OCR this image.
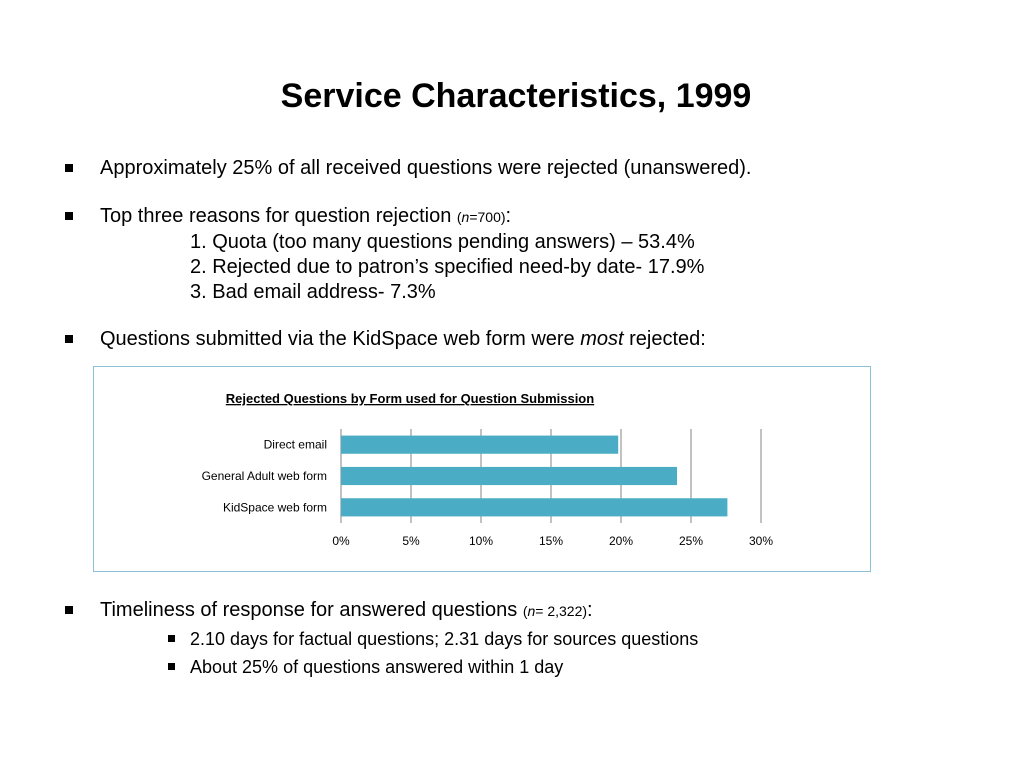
Service Characteristics, 1999
Approximately 25% of all received questions were rejected (unanswered).
Top three reasons for question rejection (n=700):
1. Quota (too many questions pending answers) – 53.4%
2. Rejected due to patron’s specified need-by date- 17.9%
3. Bad email address- 7.3%
Questions submitted via the KidSpace web form were most rejected:
Rejected Questions by Form used for Question Submission
0%	5%	10%	15%	20%	25%	30%
Direct email
General Adult web form
KidSpace web form
Timeliness of response for answered questions (n= 2,322):
2.10 days for factual questions; 2.31 days for sources questions
About 25% of questions answered within 1 day
